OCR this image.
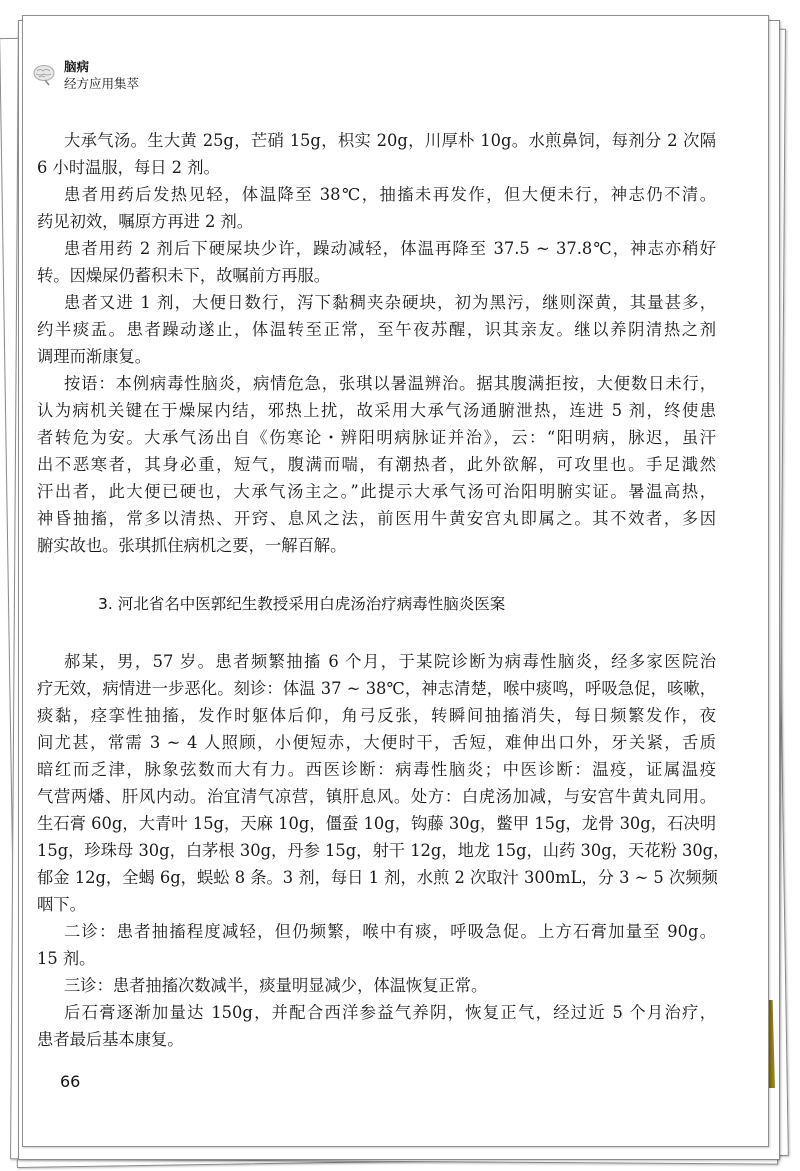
脑病
经方应用集萃
大承气汤。生大黄 25g，芒硝 15g，枳实 20g，川厚朴 10g。水煎鼻饲，每剂分 2 次隔
6 小时温服，每日 2 剂。
患者用药后发热见轻，体温降至 38℃，抽搐未再发作，但大便未行，神志仍不清。
药见初效，嘱原方再进 2 剂。
患者用药 2 剂后下硬屎块少许，躁动减轻，体温再降至 37.5 ~ 37.8℃，神志亦稍好
转。因燥屎仍蓄积未下，故嘱前方再服。
患者又进 1 剂，大便日数行，泻下黏稠夹杂硬块，初为黑污，继则深黄，其量甚多，
约半痰盂。患者躁动遂止，体温转至正常，至午夜苏醒，识其亲友。继以养阴清热之剂
调理而渐康复。
按语：本例病毒性脑炎，病情危急，张琪以暑温辨治。据其腹满拒按，大便数日未行，
认为病机关键在于燥屎内结，邪热上扰，故采用大承气汤通腑泄热，连进 5 剂，终使患
者转危为安。大承气汤出自《伤寒论・辨阳明病脉证并治》，云：“阳明病，脉迟，虽汗
出不恶寒者，其身必重，短气，腹满而喘，有潮热者，此外欲解，可攻里也。手足濈然
汗出者，此大便已硬也，大承气汤主之。”此提示大承气汤可治阳明腑实证。暑温高热，
神昏抽搐，常多以清热、开窍、息风之法，前医用牛黄安宫丸即属之。其不效者，多因
腑实故也。张琪抓住病机之要，一解百解。
3. 河北省名中医郭纪生教授采用白虎汤治疗病毒性脑炎医案
郝某，男，57 岁。患者频繁抽搐 6 个月，于某院诊断为病毒性脑炎，经多家医院治
疗无效，病情进一步恶化。刻诊：体温 37 ~ 38℃，神志清楚，喉中痰鸣，呼吸急促，咳嗽，
痰黏，痉挛性抽搐，发作时躯体后仰，角弓反张，转瞬间抽搐消失，每日频繁发作，夜
间尤甚，常需 3 ~ 4 人照顾，小便短赤，大便时干，舌短，难伸出口外，牙关紧，舌质
暗红而乏津，脉象弦数而大有力。西医诊断：病毒性脑炎；中医诊断：温疫，证属温疫
气营两燔、肝风内动。治宜清气凉营，镇肝息风。处方：白虎汤加减，与安宫牛黄丸同用。
生石膏 60g，大青叶 15g，天麻 10g，僵蚕 10g，钩藤 30g，鳖甲 15g，龙骨 30g，石决明
15g，珍珠母 30g，白茅根 30g，丹参 15g，射干 12g，地龙 15g，山药 30g，天花粉 30g，
郁金 12g，全蝎 6g，蜈蚣 8 条。3 剂，每日 1 剂，水煎 2 次取汁 300mL，分 3 ~ 5 次频频
咽下。
二诊：患者抽搐程度减轻，但仍频繁，喉中有痰，呼吸急促。上方石膏加量至 90g。
15 剂。
三诊：患者抽搐次数减半，痰量明显减少，体温恢复正常。
后石膏逐渐加量达 150g，并配合西洋参益气养阴，恢复正气，经过近 5 个月治疗，
患者最后基本康复。
66
